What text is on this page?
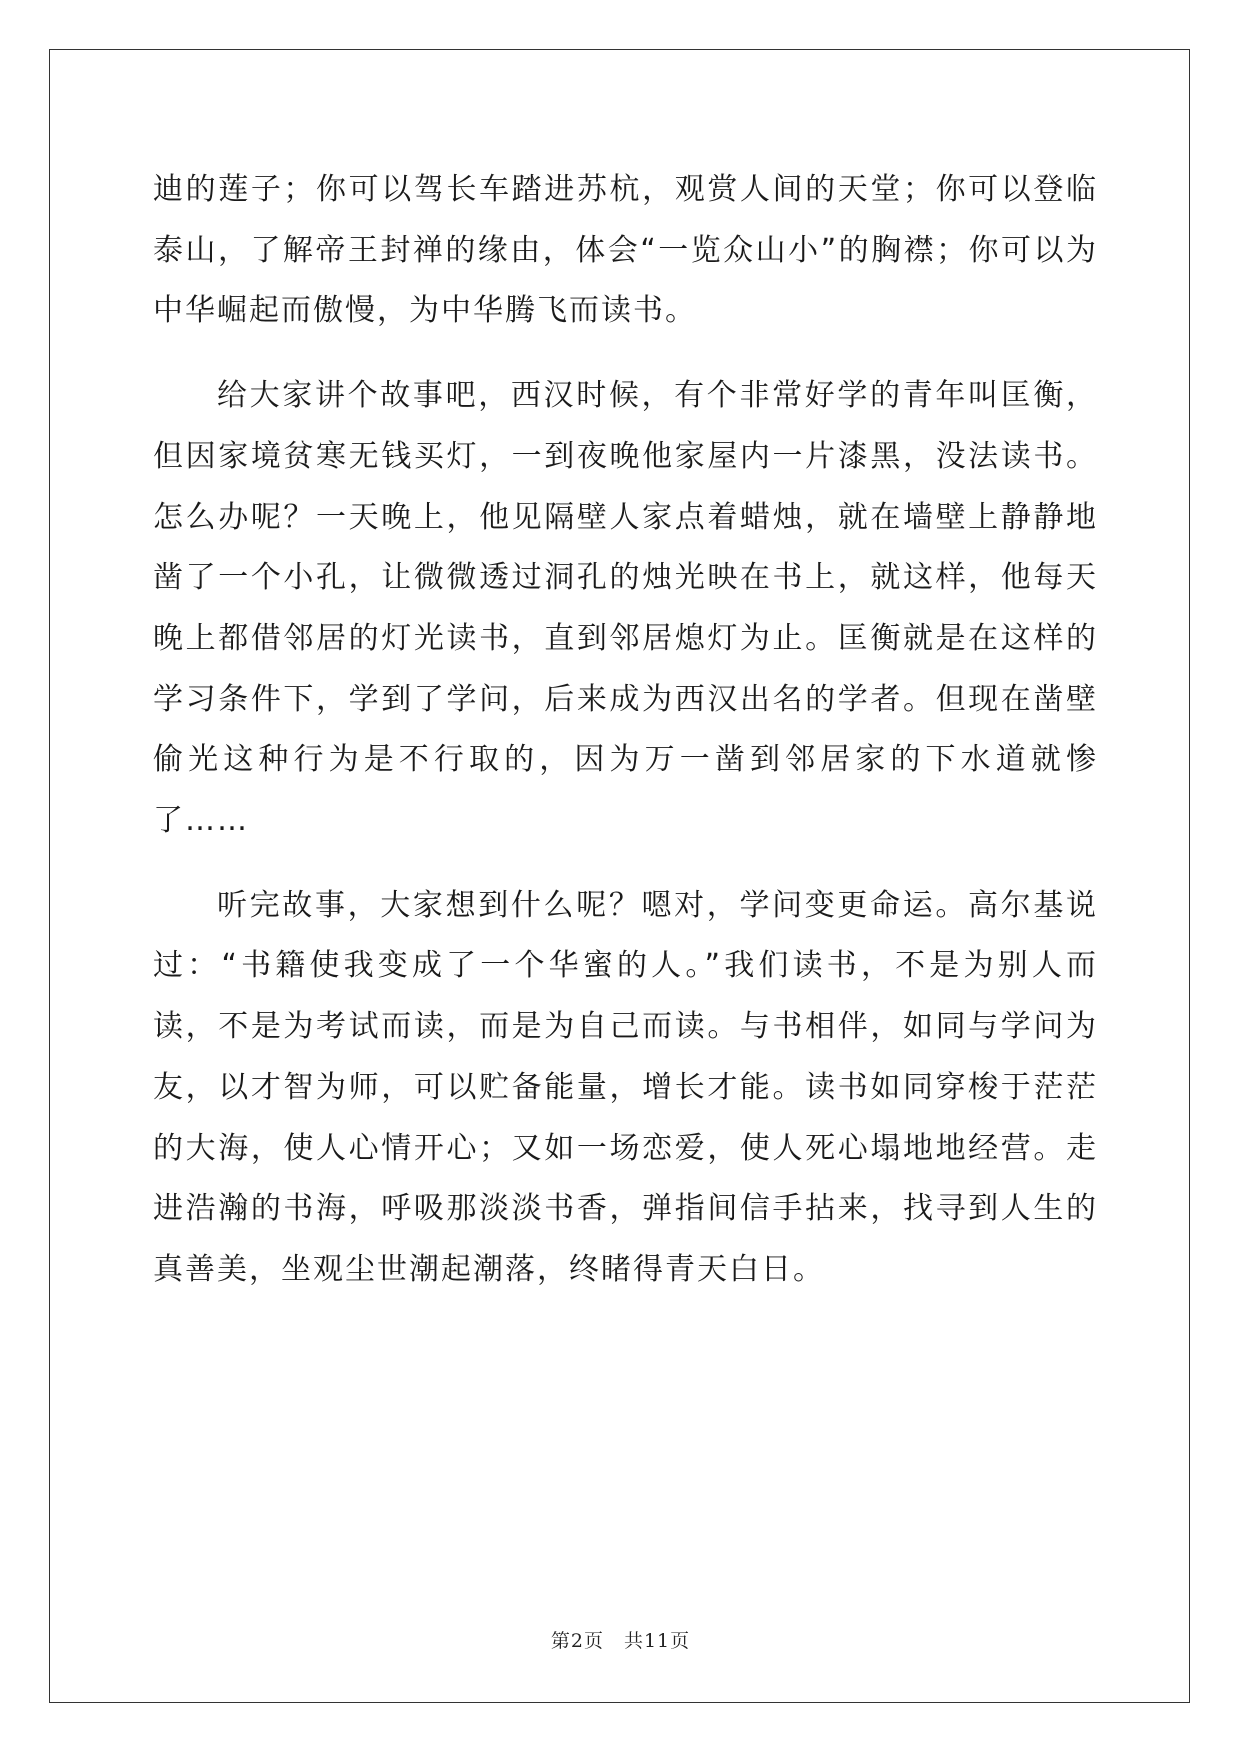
迪的莲子；你可以驾长车踏进苏杭，观赏人间的天堂；你可以登临泰山，了解帝王封禅的缘由，体会“一览众山小”的胸襟；你可以为中华崛起而傲慢，为中华腾飞而读书。

给大家讲个故事吧，西汉时候，有个非常好学的青年叫匡衡，但因家境贫寒无钱买灯，一到夜晚他家屋内一片漆黑，没法读书。怎么办呢？一天晚上，他见隔壁人家点着蜡烛，就在墙壁上静静地凿了一个小孔，让微微透过洞孔的烛光映在书上，就这样，他每天晚上都借邻居的灯光读书，直到邻居熄灯为止。匡衡就是在这样的学习条件下，学到了学问，后来成为西汉出名的学者。但现在凿壁偷光这种行为是不行取的，因为万一凿到邻居家的下水道就惨了……

听完故事，大家想到什么呢？嗯对，学问变更命运。高尔基说过：“书籍使我变成了一个华蜜的人。”我们读书，不是为别人而读，不是为考试而读，而是为自己而读。与书相伴，如同与学问为友，以才智为师，可以贮备能量，增长才能。读书如同穿梭于茫茫的大海，使人心情开心；又如一场恋爱，使人死心塌地地经营。走进浩瀚的书海，呼吸那淡淡书香，弹指间信手拈来，找寻到人生的真善美，坐观尘世潮起潮落，终睹得青天白日。

第2页　共11页
